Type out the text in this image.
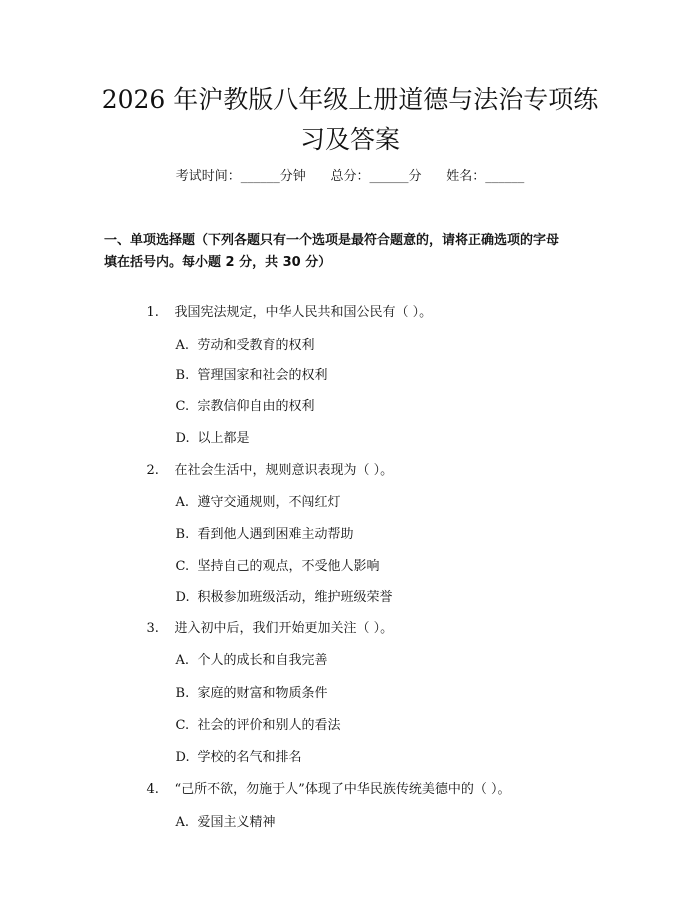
2026 年沪教版八年级上册道德与法治专项练
习及答案
考试时间：______分钟      总分：______分      姓名：______
一、单项选择题（下列各题只有一个选项是最符合题意的，请将正确选项的字母
填在括号内。每小题 2 分，共 30 分）

1. 我国宪法规定，中华人民共和国公民有（ ）。

A. 劳动和受教育的权利

B. 管理国家和社会的权利

C. 宗教信仰自由的权利

D. 以上都是

2. 在社会生活中，规则意识表现为（ ）。

A. 遵守交通规则，不闯红灯

B. 看到他人遇到困难主动帮助

C. 坚持自己的观点，不受他人影响

D. 积极参加班级活动，维护班级荣誉

3. 进入初中后，我们开始更加关注（ ）。

A. 个人的成长和自我完善

B. 家庭的财富和物质条件

C. 社会的评价和别人的看法

D. 学校的名气和排名

4. “己所不欲，勿施于人”体现了中华民族传统美德中的（ ）。

A. 爱国主义精神
